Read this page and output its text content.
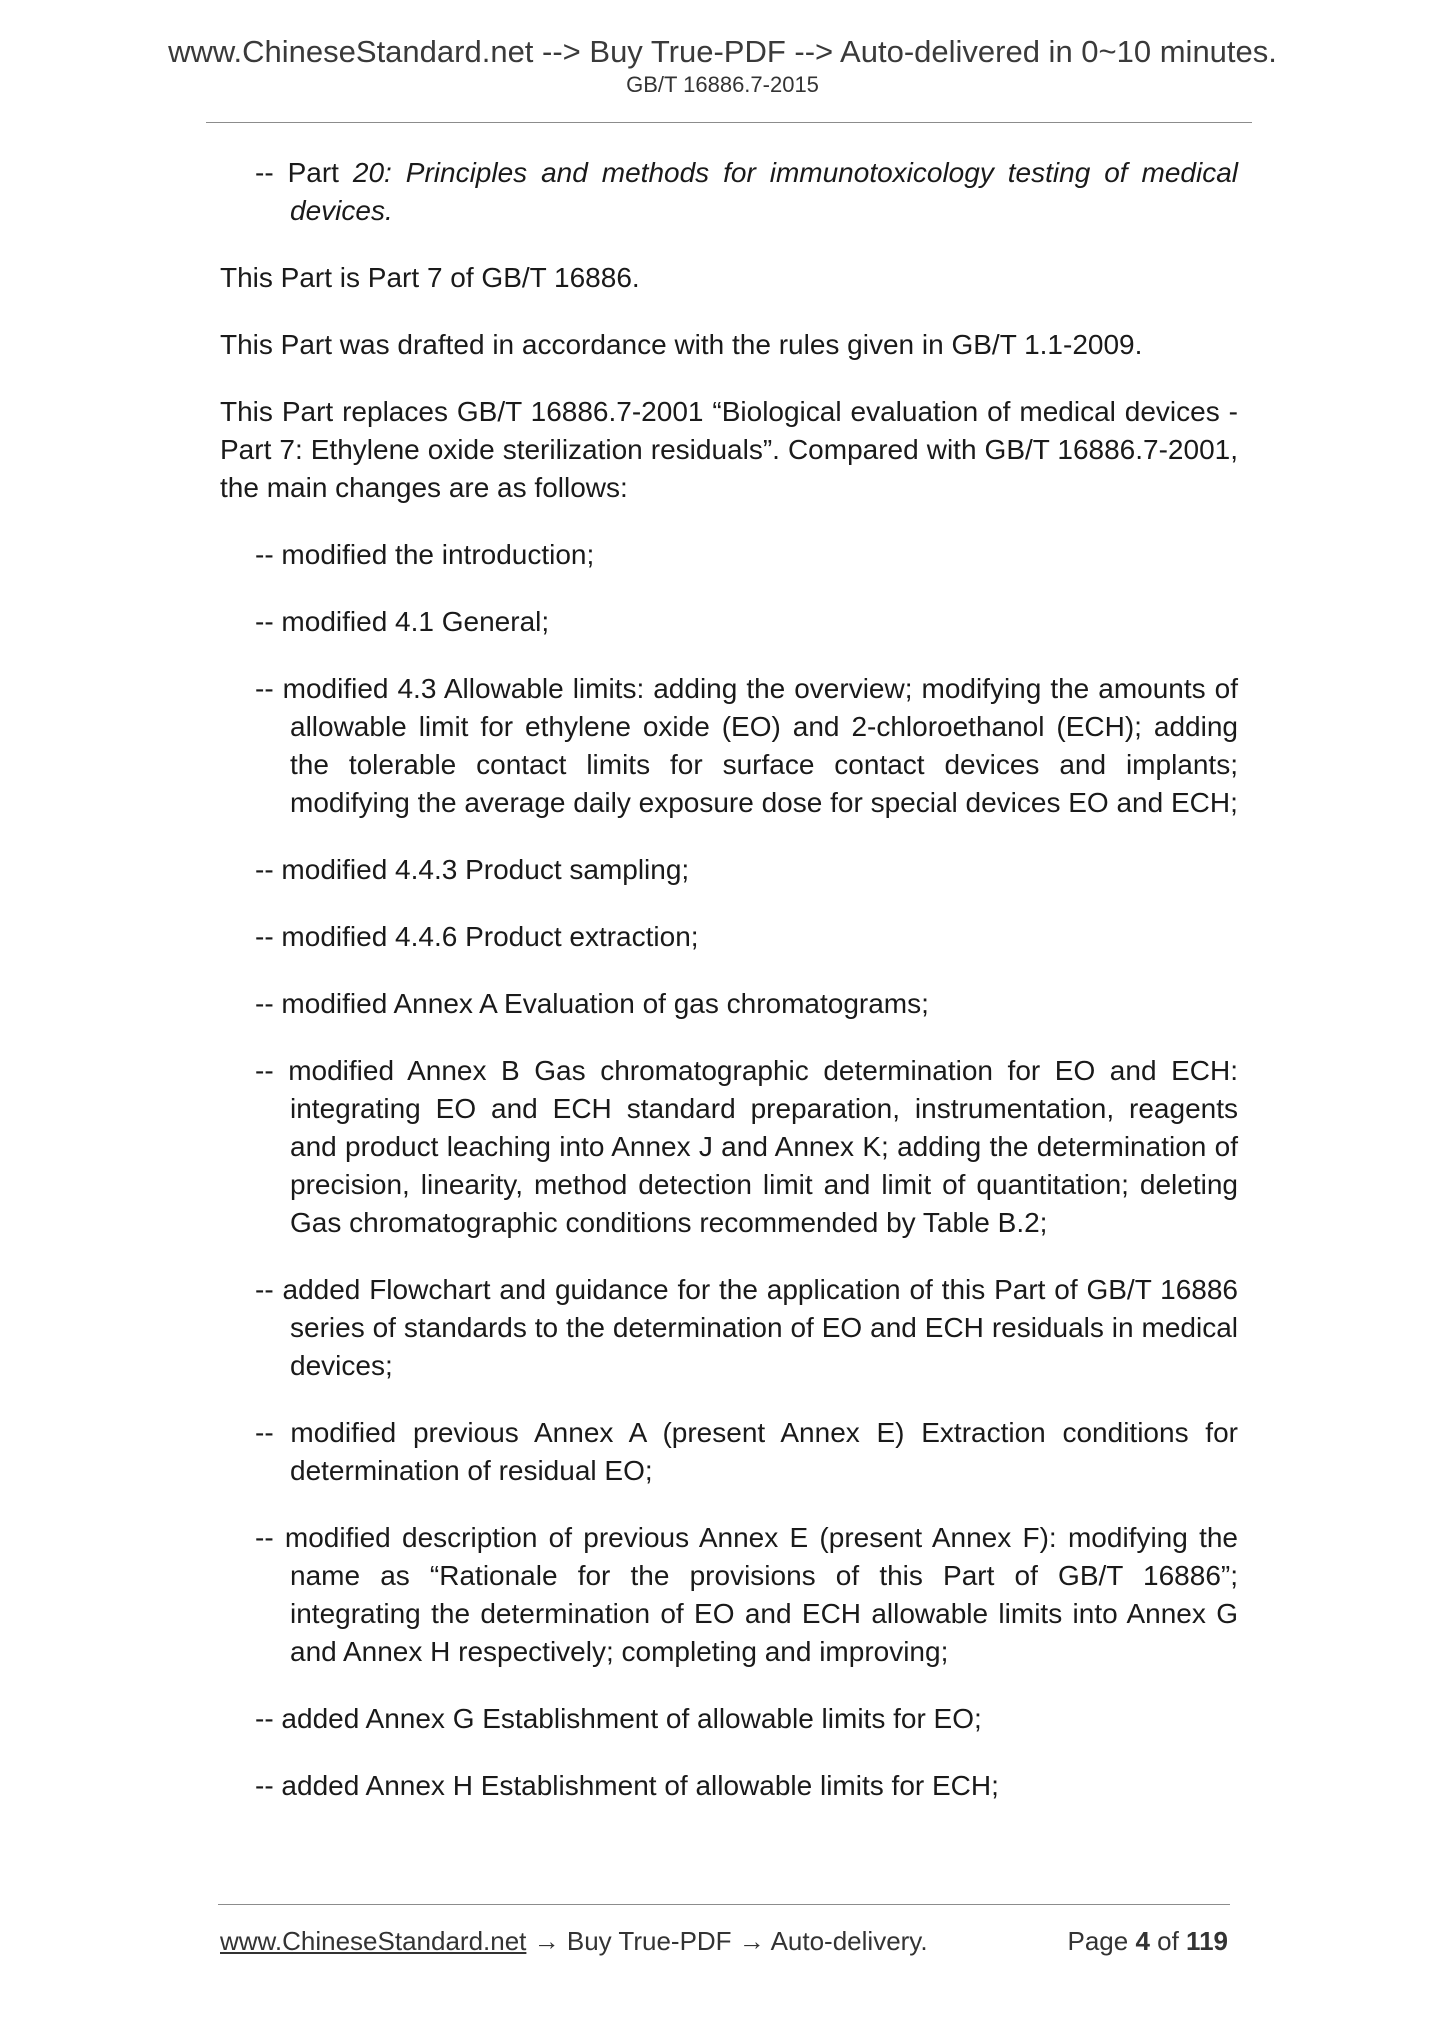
www.ChineseStandard.net --> Buy True-PDF --> Auto-delivered in 0~10 minutes.
GB/T 16886.7-2015
-- Part 20: Principles and methods for immunotoxicology testing of medical devices.

This Part is Part 7 of GB/T 16886.

This Part was drafted in accordance with the rules given in GB/T 1.1-2009.

This Part replaces GB/T 16886.7-2001 “Biological evaluation of medical devices - Part 7: Ethylene oxide sterilization residuals”. Compared with GB/T 16886.7-2001, the main changes are as follows:

-- modified the introduction;
-- modified 4.1 General;
-- modified 4.3 Allowable limits: adding the overview; modifying the amounts of allowable limit for ethylene oxide (EO) and 2-chloroethanol (ECH); adding the tolerable contact limits for surface contact devices and implants; modifying the average daily exposure dose for special devices EO and ECH;
-- modified 4.4.3 Product sampling;
-- modified 4.4.6 Product extraction;
-- modified Annex A Evaluation of gas chromatograms;
-- modified Annex B Gas chromatographic determination for EO and ECH: integrating EO and ECH standard preparation, instrumentation, reagents and product leaching into Annex J and Annex K; adding the determination of precision, linearity, method detection limit and limit of quantitation; deleting Gas chromatographic conditions recommended by Table B.2;
-- added Flowchart and guidance for the application of this Part of GB/T 16886 series of standards to the determination of EO and ECH residuals in medical devices;
-- modified previous Annex A (present Annex E) Extraction conditions for determination of residual EO;
-- modified description of previous Annex E (present Annex F): modifying the name as “Rationale for the provisions of this Part of GB/T 16886”; integrating the determination of EO and ECH allowable limits into Annex G and Annex H respectively; completing and improving;
-- added Annex G Establishment of allowable limits for EO;
-- added Annex H Establishment of allowable limits for ECH;
www.ChineseStandard.net → Buy True-PDF → Auto-delivery.	Page 4 of 119
